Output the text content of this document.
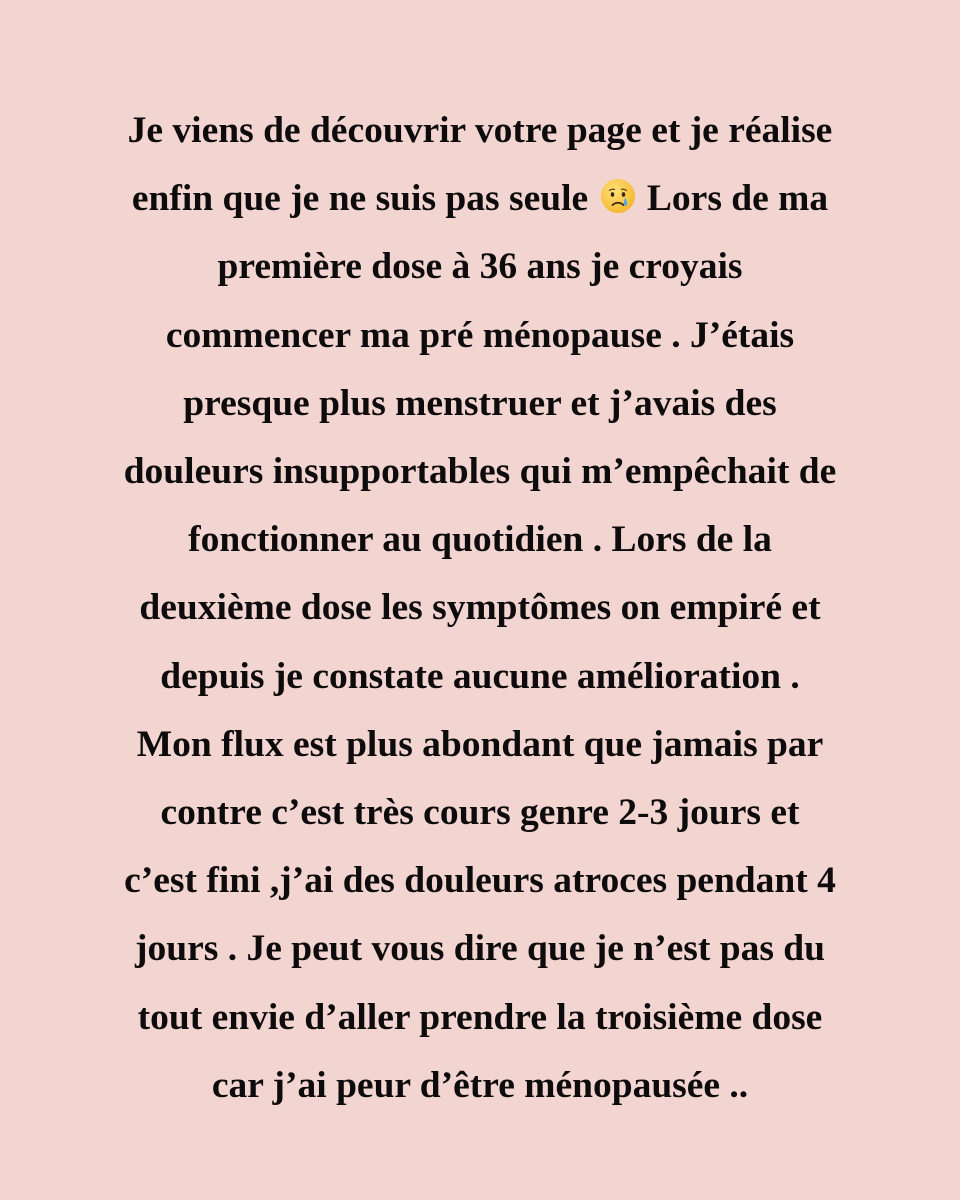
Je viens de découvrir votre page et je réalise
enfin que je ne suis pas seule Lors de ma
première dose à 36 ans je croyais
commencer ma pré ménopause . J’étais
presque plus menstruer et j’avais des
douleurs insupportables qui m’empêchait de
fonctionner au quotidien . Lors de la
deuxième dose les symptômes on empiré et
depuis je constate aucune amélioration .
Mon flux est plus abondant que jamais par
contre c’est très cours genre 2-3 jours et
c’est fini ,j’ai des douleurs atroces pendant 4
jours . Je peut vous dire que je n’est pas du
tout envie d’aller prendre la troisième dose
car j’ai peur d’être ménopausée ..
